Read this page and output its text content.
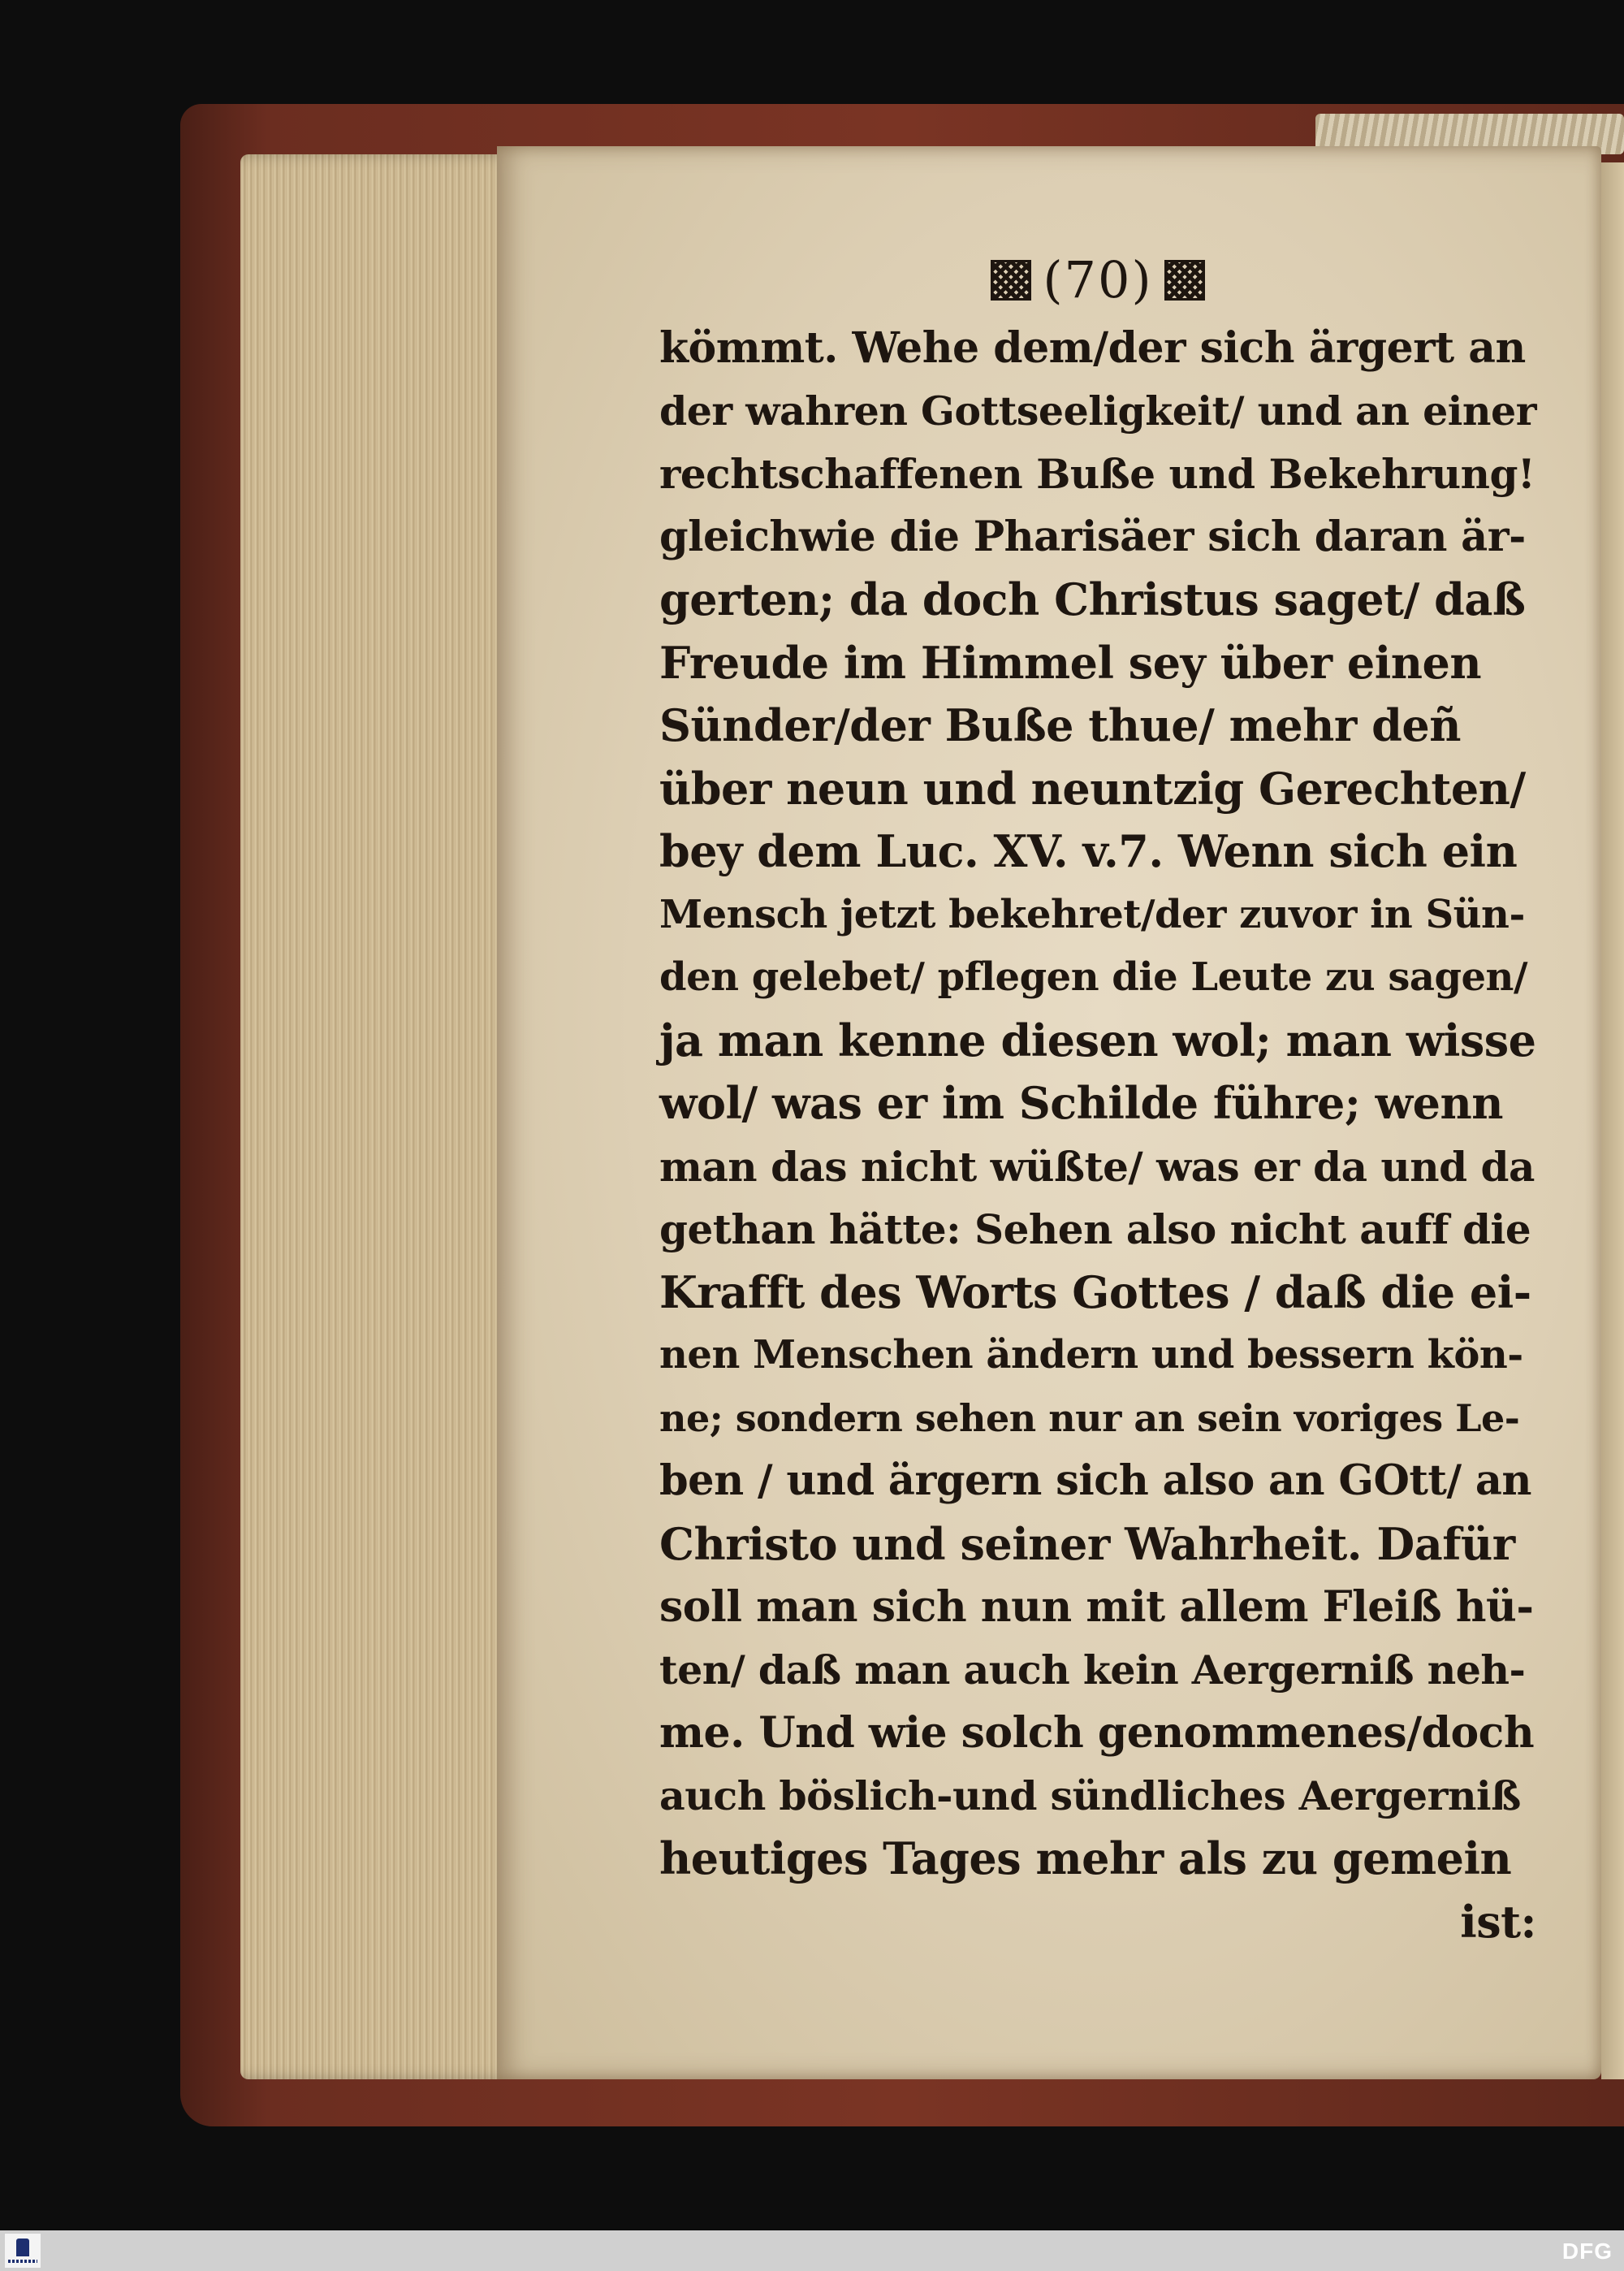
(70)
kömmt. Wehe dem/der sich ärgert an
der wahren Gottseeligkeit/ und an einer
rechtschaffenen Buße und Bekehrung!
gleichwie die Pharisäer sich daran är-
gerten; da doch Christus saget/ daß
Freude im Himmel sey über einen
Sünder/der Buße thue/ mehr deñ
über neun und neuntzig Gerechten/
bey dem Luc. XV. v.7. Wenn sich ein
Mensch jetzt bekehret/der zuvor in Sün-
den gelebet/ pflegen die Leute zu sagen/
ja man kenne diesen wol; man wisse
wol/ was er im Schilde führe; wenn
man das nicht wüßte/ was er da und da
gethan hätte: Sehen also nicht auff die
Krafft des Worts Gottes / daß die ei-
nen Menschen ändern und bessern kön-
ne; sondern sehen nur an sein voriges Le-
ben / und ärgern sich also an GOtt/ an
Christo und seiner Wahrheit. Dafür
soll man sich nun mit allem Fleiß hü-
ten/ daß man auch kein Aergerniß neh-
me. Und wie solch genommenes/doch
auch böslich-und sündliches Aergerniß
heutiges Tages mehr als zu gemein
ist:
DFG
